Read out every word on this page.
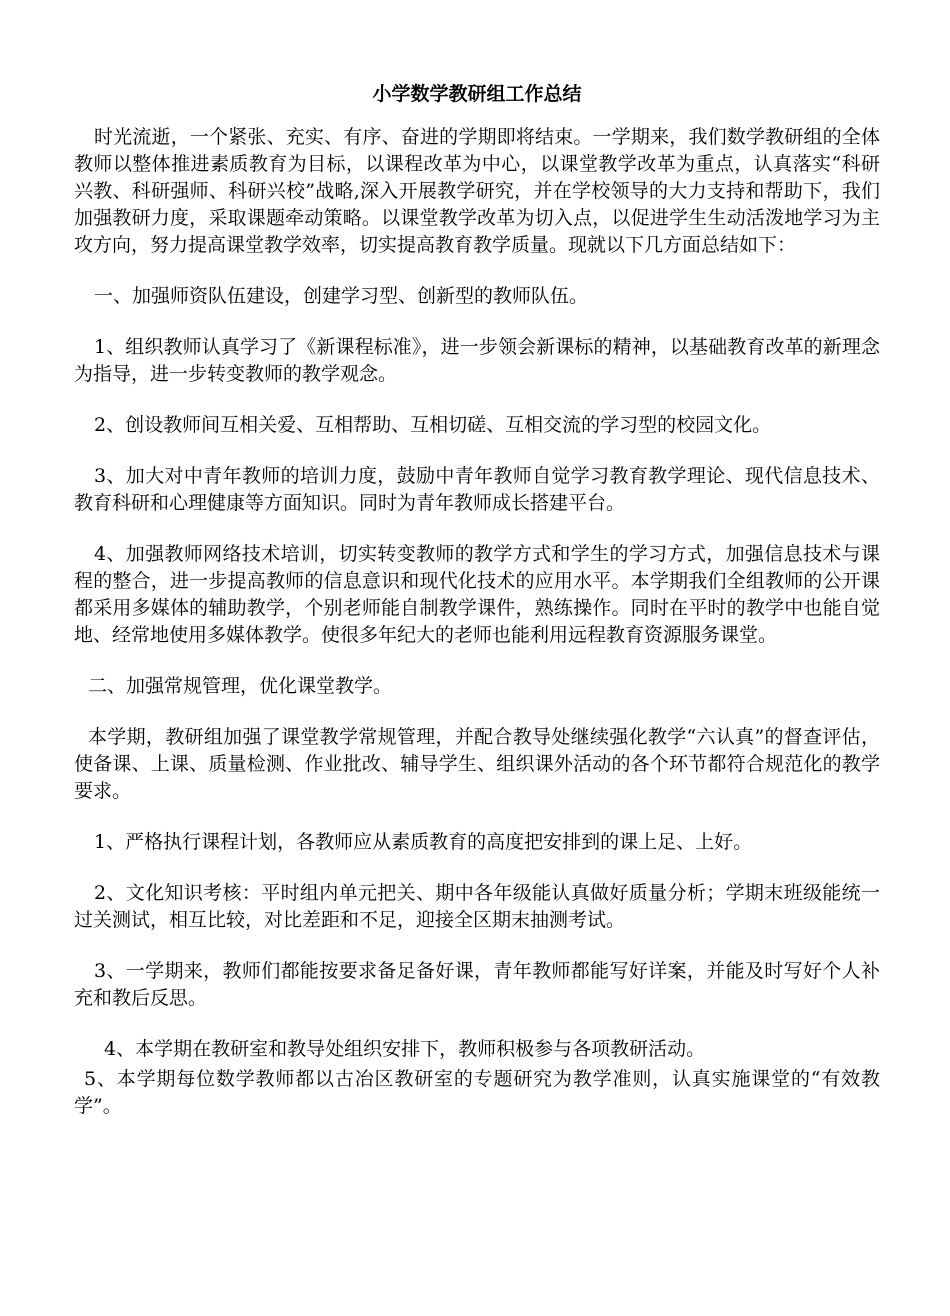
小学数学教研组工作总结

时光流逝，一个紧张、充实、有序、奋进的学期即将结束。一学期来，我们数学教研组的全体教师以整体推进素质教育为目标，以课程改革为中心，以课堂教学改革为重点，认真落实“科研兴教、科研强师、科研兴校”战略,深入开展教学研究，并在学校领导的大力支持和帮助下，我们加强教研力度，采取课题牵动策略。以课堂教学改革为切入点，以促进学生生动活泼地学习为主攻方向，努力提高课堂教学效率，切实提高教育教学质量。现就以下几方面总结如下：

一、加强师资队伍建设，创建学习型、创新型的教师队伍。

1、组织教师认真学习了《新课程标准》，进一步领会新课标的精神，以基础教育改革的新理念为指导，进一步转变教师的教学观念。

2、创设教师间互相关爱、互相帮助、互相切磋、互相交流的学习型的校园文化。

3、加大对中青年教师的培训力度，鼓励中青年教师自觉学习教育教学理论、现代信息技术、教育科研和心理健康等方面知识。同时为青年教师成长搭建平台。

4、加强教师网络技术培训，切实转变教师的教学方式和学生的学习方式，加强信息技术与课程的整合，进一步提高教师的信息意识和现代化技术的应用水平。本学期我们全组教师的公开课都采用多媒体的辅助教学，个别老师能自制教学课件，熟练操作。同时在平时的教学中也能自觉地、经常地使用多媒体教学。使很多年纪大的老师也能利用远程教育资源服务课堂。

二、加强常规管理，优化课堂教学。

本学期，教研组加强了课堂教学常规管理，并配合教导处继续强化教学“六认真”的督查评估，使备课、上课、质量检测、作业批改、辅导学生、组织课外活动的各个环节都符合规范化的教学要求。

1、严格执行课程计划，各教师应从素质教育的高度把安排到的课上足、上好。

2、文化知识考核：平时组内单元把关、期中各年级能认真做好质量分析；学期末班级能统一过关测试，相互比较，对比差距和不足，迎接全区期末抽测考试。

3、一学期来，教师们都能按要求备足备好课，青年教师都能写好详案，并能及时写好个人补充和教后反思。

4、本学期在教研室和教导处组织安排下，教师积极参与各项教研活动。

5、本学期每位数学教师都以古冶区教研室的专题研究为教学准则，认真实施课堂的“有效教学”。
